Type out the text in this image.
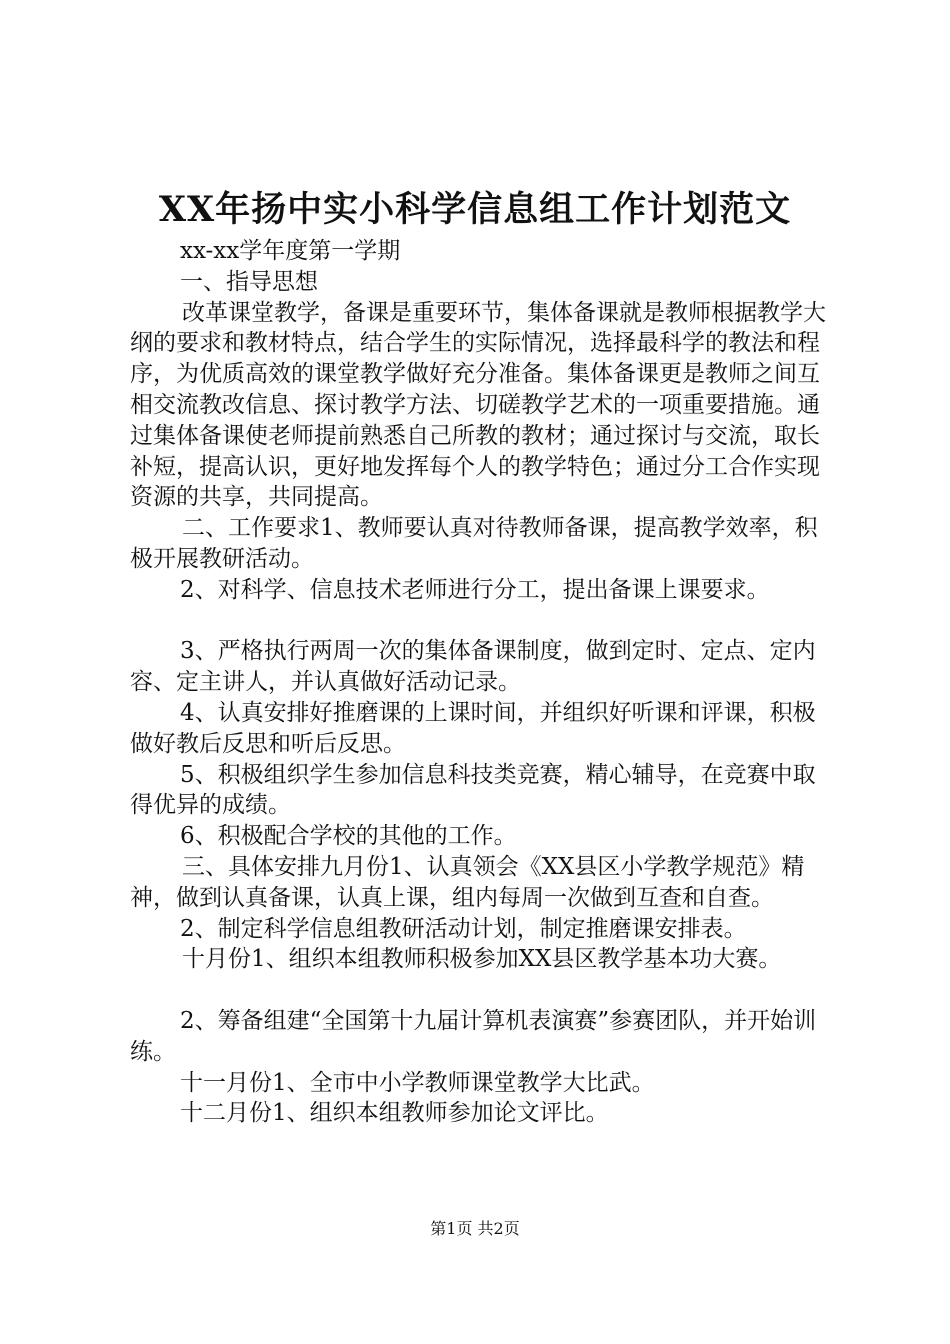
XX年扬中实小科学信息组工作计划范文

xx-xx学年度第一学期

一、指导思想

改革课堂教学，备课是重要环节，集体备课就是教师根据教学大纲的要求和教材特点，结合学生的实际情况，选择最科学的教法和程序，为优质高效的课堂教学做好充分准备。集体备课更是教师之间互相交流教改信息、探讨教学方法、切磋教学艺术的一项重要措施。通过集体备课使老师提前熟悉自己所教的教材；通过探讨与交流，取长补短，提高认识，更好地发挥每个人的教学特色；通过分工合作实现资源的共享，共同提高。

二、工作要求1、教师要认真对待教师备课，提高教学效率，积极开展教研活动。

2、对科学、信息技术老师进行分工，提出备课上课要求。

3、严格执行两周一次的集体备课制度，做到定时、定点、定内容、定主讲人，并认真做好活动记录。

4、认真安排好推磨课的上课时间，并组织好听课和评课，积极做好教后反思和听后反思。

5、积极组织学生参加信息科技类竞赛，精心辅导，在竞赛中取得优异的成绩。

6、积极配合学校的其他的工作。

三、具体安排九月份1、认真领会《XX县区小学教学规范》精神，做到认真备课，认真上课，组内每周一次做到互查和自查。

2、制定科学信息组教研活动计划，制定推磨课安排表。

十月份1、组织本组教师积极参加XX县区教学基本功大赛。

2、筹备组建“全国第十九届计算机表演赛”参赛团队，并开始训练。

十一月份1、全市中小学教师课堂教学大比武。

十二月份1、组织本组教师参加论文评比。

第1页 共2页
